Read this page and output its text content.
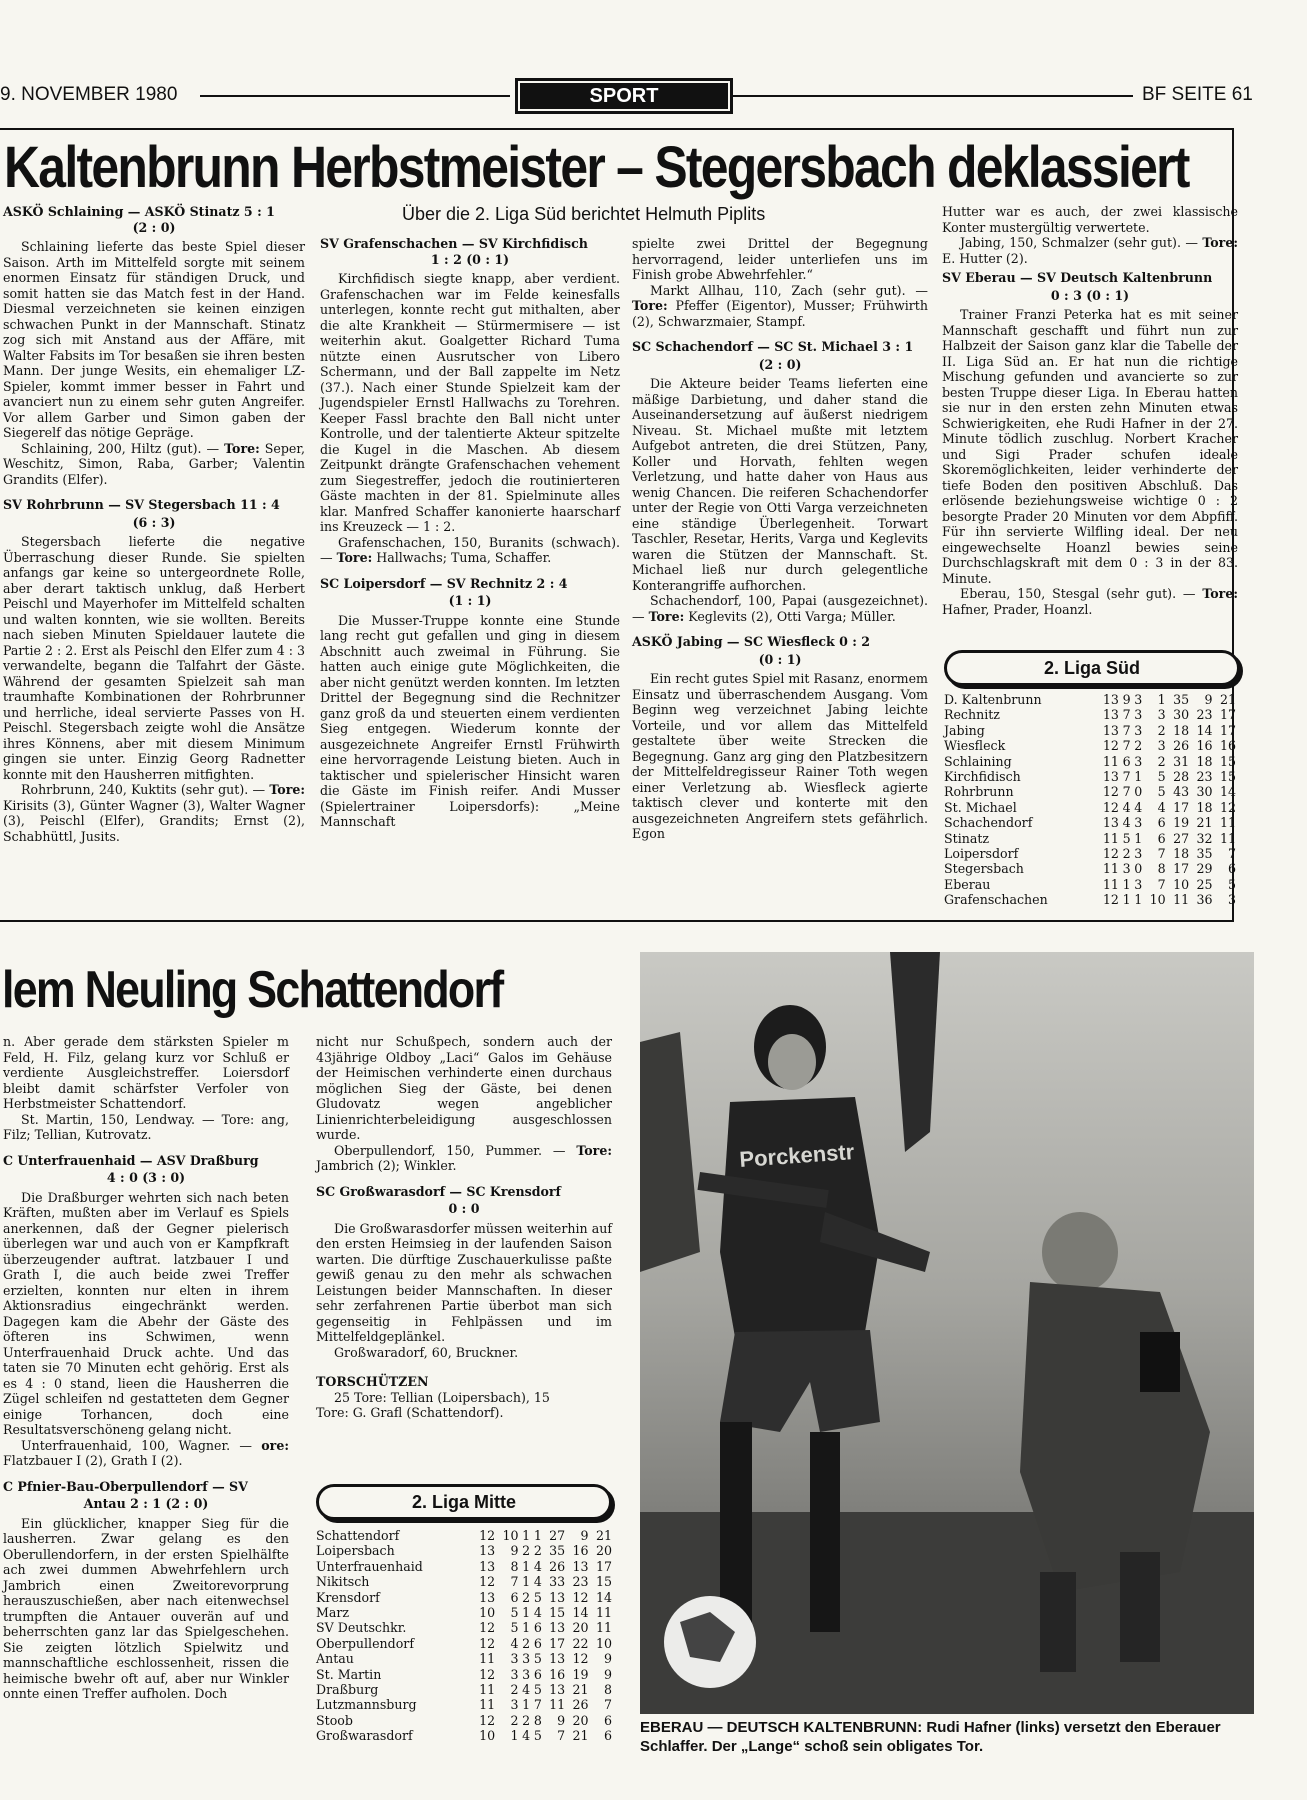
9. NOVEMBER 1980	SPORT	BF SEITE 61
Kaltenbrunn Herbstmeister – Stegersbach deklassiert
Über die 2. Liga Süd berichtet Helmuth Piplits
ASKÖ Schlaining — ASKÖ Stinatz 5 : 1
(2 : 0)

Schlaining lieferte das beste Spiel dieser Saison. Arth im Mittelfeld sorgte mit seinem enormen Einsatz für ständigen Druck, und somit hatten sie das Match fest in der Hand. Diesmal verzeichneten sie keinen einzigen schwachen Punkt in der Mannschaft. Stinatz zog sich mit Anstand aus der Affäre, mit Walter Fabsits im Tor besaßen sie ihren besten Mann. Der junge Wesits, ein ehemaliger LZ-Spieler, kommt immer besser in Fahrt und avanciert nun zu einem sehr guten Angreifer. Vor allem Garber und Simon gaben der Siegerelf das nötige Gepräge.

Schlaining, 200, Hiltz (gut). — Tore: Seper, Weschitz, Simon, Raba, Garber; Valentin Grandits (Elfer).

SV Rohrbrunn — SV Stegersbach 11 : 4
(6 : 3)

Stegersbach lieferte die negative Überraschung dieser Runde. Sie spielten anfangs gar keine so untergeordnete Rolle, aber derart taktisch unklug, daß Herbert Peischl und Mayerhofer im Mittelfeld schalten und walten konnten, wie sie wollten. Bereits nach sieben Minuten Spieldauer lautete die Partie 2 : 2. Erst als Peischl den Elfer zum 4 : 3 verwandelte, begann die Talfahrt der Gäste. Während der gesamten Spielzeit sah man traumhafte Kombinationen der Rohrbrunner und herrliche, ideal servierte Passes von H. Peischl. Stegersbach zeigte wohl die Ansätze ihres Könnens, aber mit diesem Minimum gingen sie unter. Einzig Georg Radnetter konnte mit den Hausherren mitfighten.

Rohrbrunn, 240, Kuktits (sehr gut). — Tore: Kirisits (3), Günter Wagner (3), Walter Wagner (3), Peischl (Elfer), Grandits; Ernst (2), Schabhüttl, Jusits.

SV Grafenschachen — SV Kirchfidisch
1 : 2 (0 : 1)

Kirchfidisch siegte knapp, aber verdient. Grafenschachen war im Felde keinesfalls unterlegen, konnte recht gut mithalten, aber die alte Krankheit — Stürmermisere — ist weiterhin akut. Goalgetter Richard Tuma nützte einen Ausrutscher von Libero Schermann, und der Ball zappelte im Netz (37.). Nach einer Stunde Spielzeit kam der Jugendspieler Ernstl Hallwachs zu Torehren. Keeper Fassl brachte den Ball nicht unter Kontrolle, und der talentierte Akteur spitzelte die Kugel in die Maschen. Ab diesem Zeitpunkt drängte Grafenschachen vehement zum Siegestreffer, jedoch die routinierteren Gäste machten in der 81. Spielminute alles klar. Manfred Schaffer kanonierte haarscharf ins Kreuzeck — 1 : 2.

Grafenschachen, 150, Buranits (schwach). — Tore: Hallwachs; Tuma, Schaffer.

SC Loipersdorf — SV Rechnitz 2 : 4
(1 : 1)

Die Musser-Truppe konnte eine Stunde lang recht gut gefallen und ging in diesem Abschnitt auch zweimal in Führung. Sie hatten auch einige gute Möglichkeiten, die aber nicht genützt werden konnten. Im letzten Drittel der Begegnung sind die Rechnitzer ganz groß da und steuerten einem verdienten Sieg entgegen. Wiederum konnte der ausgezeichnete Angreifer Ernstl Frühwirth eine hervorragende Leistung bieten. Auch in taktischer und spielerischer Hinsicht waren die Gäste im Finish reifer. Andi Musser (Spielertrainer Loipersdorfs): „Meine Mannschaft

spielte zwei Drittel der Begegnung hervorragend, leider unterliefen uns im Finish grobe Abwehrfehler.“

Markt Allhau, 110, Zach (sehr gut). — Tore: Pfeffer (Eigentor), Musser; Frühwirth (2), Schwarzmaier, Stampf.

SC Schachendorf — SC St. Michael 3 : 1
(2 : 0)

Die Akteure beider Teams lieferten eine mäßige Darbietung, und daher stand die Auseinandersetzung auf äußerst niedrigem Niveau. St. Michael mußte mit letztem Aufgebot antreten, die drei Stützen, Pany, Koller und Horvath, fehlten wegen Verletzung, und hatte daher von Haus aus wenig Chancen. Die reiferen Schachendorfer unter der Regie von Otti Varga verzeichneten eine ständige Überlegenheit. Torwart Taschler, Resetar, Herits, Varga und Keglevits waren die Stützen der Mannschaft. St. Michael ließ nur durch gelegentliche Konterangriffe aufhorchen.

Schachendorf, 100, Papai (ausgezeichnet). — Tore: Keglevits (2), Otti Varga; Müller.

ASKÖ Jabing — SC Wiesfleck 0 : 2
(0 : 1)

Ein recht gutes Spiel mit Rasanz, enormem Einsatz und überraschendem Ausgang. Vom Beginn weg verzeichnet Jabing leichte Vorteile, und vor allem das Mittelfeld gestaltete über weite Strecken die Begegnung. Ganz arg ging den Platzbesitzern der Mittelfeldregisseur Rainer Toth wegen einer Verletzung ab. Wiesfleck agierte taktisch clever und konterte mit den ausgezeichneten Angreifern stets gefährlich. Egon

Hutter war es auch, der zwei klassische Konter mustergültig verwertete.

Jabing, 150, Schmalzer (sehr gut). — Tore: E. Hutter (2).

SV Eberau — SV Deutsch Kaltenbrunn
0 : 3 (0 : 1)

Trainer Franzi Peterka hat es mit seiner Mannschaft geschafft und führt nun zur Halbzeit der Saison ganz klar die Tabelle der II. Liga Süd an. Er hat nun die richtige Mischung gefunden und avancierte so zur besten Truppe dieser Liga. In Eberau hatten sie nur in den ersten zehn Minuten etwas Schwierigkeiten, ehe Rudi Hafner in der 27. Minute tödlich zuschlug. Norbert Kracher und Sigi Prader schufen ideale Skoremöglichkeiten, leider verhinderte der tiefe Boden den positiven Abschluß. Das erlösende beziehungsweise wichtige 0 : 2 besorgte Prader 20 Minuten vor dem Abpfiff. Für ihn servierte Wilfling ideal. Der neu eingewechselte Hoanzl bewies seine Durchschlagskraft mit dem 0 : 3 in der 83. Minute.

Eberau, 150, Stesgal (sehr gut). — Tore: Hafner, Prader, Hoanzl.

2. Liga Süd
D. Kaltenbrunn	13	9	3	1	35	9	21
Rechnitz	13	7	3	3	30	23	17
Jabing	13	7	3	2	18	14	17
Wiesfleck	12	7	2	3	26	16	16
Schlaining	11	6	3	2	31	18	15
Kirchfidisch	13	7	1	5	28	23	15
Rohrbrunn	12	7	0	5	43	30	14
St. Michael	12	4	4	4	17	18	12
Schachendorf	13	4	3	6	19	21	11
Stinatz	11	5	1	6	27	32	11
Loipersdorf	12	2	3	7	18	35	7
Stegersbach	11	3	0	8	17	29	6
Eberau	11	1	3	7	10	25	5
Grafenschachen	12	1	1	10	11	36	3
lem Neuling Schattendorf

n. Aber gerade dem stärksten Spieler m Feld, H. Filz, gelang kurz vor Schluß er verdiente Ausgleichstreffer. Loiersdorf bleibt damit schärfster Verfoler von Herbstmeister Schattendorf.

St. Martin, 150, Lendway. — Tore: ang, Filz; Tellian, Kutrovatz.

C Unterfrauenhaid — ASV Draßburg
4 : 0 (3 : 0)

Die Draßburger wehrten sich nach beten Kräften, mußten aber im Verlauf es Spiels anerkennen, daß der Gegner pielerisch überlegen war und auch von er Kampfkraft überzeugender auftrat. latzbauer I und Grath I, die auch beide zwei Treffer erzielten, konnten nur elten in ihrem Aktionsradius eingechränkt werden. Dagegen kam die Abehr der Gäste des öfteren ins Schwimen, wenn Unterfrauenhaid Druck achte. Und das taten sie 70 Minuten echt gehörig. Erst als es 4 : 0 stand, lieen die Hausherren die Zügel schleifen nd gestatteten dem Gegner einige Torhancen, doch eine Resultatsverschöneng gelang nicht.

Unterfrauenhaid, 100, Wagner. — ore: Flatzbauer I (2), Grath I (2).

C Pfnier-Bau-Oberpullendorf — SV
Antau 2 : 1 (2 : 0)

Ein glücklicher, knapper Sieg für die lausherren. Zwar gelang es den Oberullendorfern, in der ersten Spielhälfte ach zwei dummen Abwehrfehlern urch Jambrich einen Zweitorevorprung herauszuschießen, aber nach eitenwechsel trumpften die Antauer ouverän auf und beherrschten ganz lar das Spielgeschehen. Sie zeigten lötzlich Spielwitz und mannschaftliche eschlossenheit, rissen die heimische bwehr oft auf, aber nur Winkler onnte einen Treffer aufholen. Doch

nicht nur Schußpech, sondern auch der 43jährige Oldboy „Laci“ Galos im Gehäuse der Heimischen verhinderte einen durchaus möglichen Sieg der Gäste, bei denen Gludovatz wegen angeblicher Linienrichterbeleidigung ausgeschlossen wurde.

Oberpullendorf, 150, Pummer. — Tore: Jambrich (2); Winkler.

SC Großwarasdorf — SC Krensdorf
0 : 0

Die Großwarasdorfer müssen weiterhin auf den ersten Heimsieg in der laufenden Saison warten. Die dürftige Zuschauerkulisse paßte gewiß genau zu den mehr als schwachen Leistungen beider Mannschaften. In dieser sehr zerfahrenen Partie überbot man sich gegenseitig in Fehlpässen und im Mittelfeldgeplänkel.

Großwaradorf, 60, Bruckner.

TORSCHÜTZEN

25 Tore: Tellian (Loipersbach), 15

Tore: G. Grafl (Schattendorf).

2. Liga Mitte
Schattendorf	12	10	1	1	27	9	21
Loipersbach	13	9	2	2	35	16	20
Unterfrauenhaid	13	8	1	4	26	13	17
Nikitsch	12	7	1	4	33	23	15
Krensdorf	13	6	2	5	13	12	14
Marz	10	5	1	4	15	14	11
SV Deutschkr.	12	5	1	6	13	20	11
Oberpullendorf	12	4	2	6	17	22	10
Antau	11	3	3	5	13	12	9
St. Martin	12	3	3	6	16	19	9
Draßburg	11	2	4	5	13	21	8
Lutzmannsburg	11	3	1	7	11	26	7
Stoob	12	2	2	8	9	20	6
Großwarasdorf	10	1	4	5	7	21	6
Porckenstr
EBERAU — DEUTSCH KALTENBRUNN: Rudi Hafner (links) versetzt den Eberauer Schlaffer. Der „Lange“ schoß sein obligates Tor.
